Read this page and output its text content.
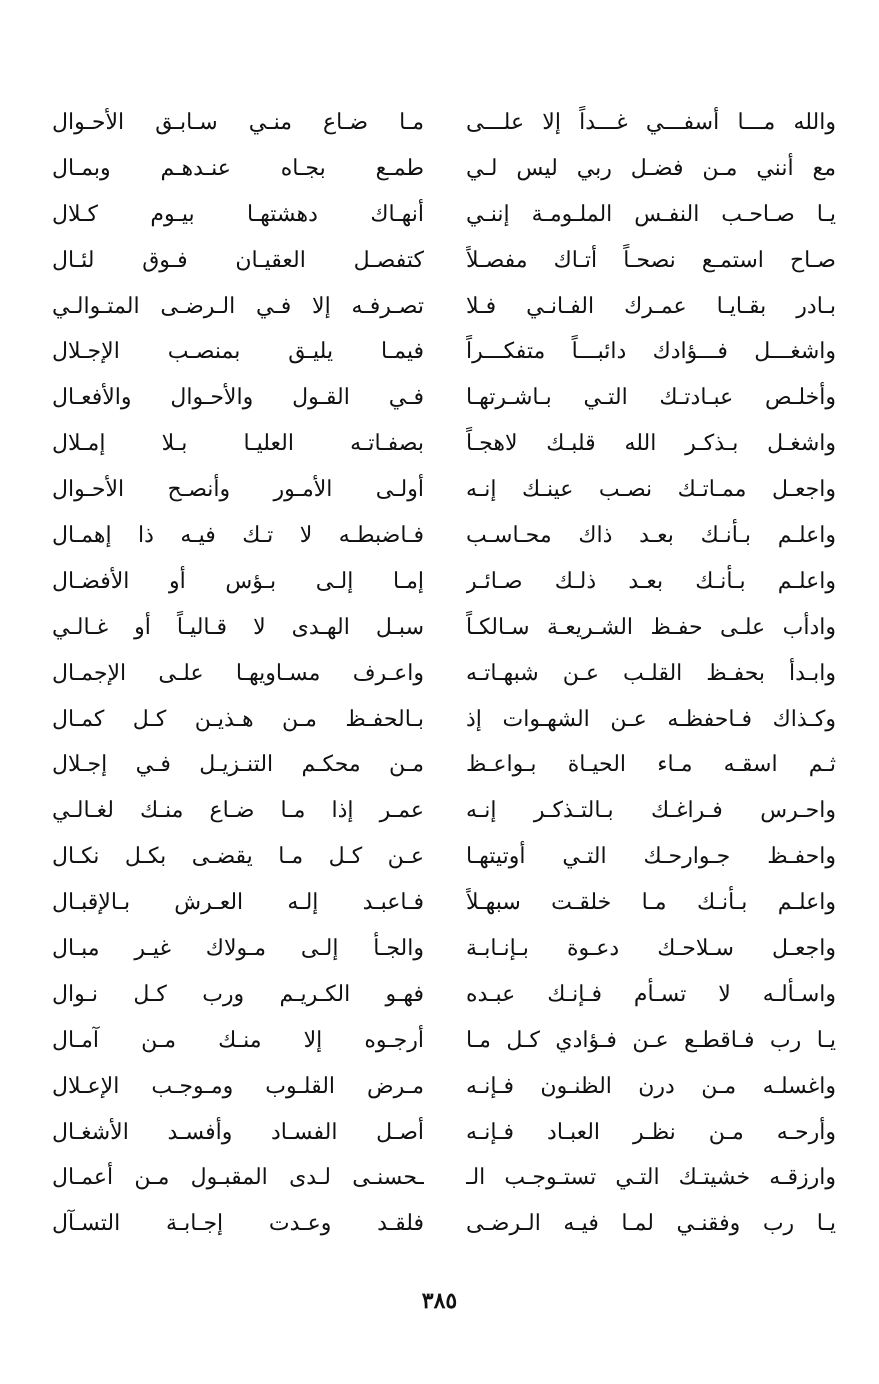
والله مـــا أسفـــي غـــداً إلا علـــى
مع أنني مـن فضـل ربي ليس لـي
يـا صـاحـب النفـس الملـومـة إننـي
صـاح استمـع نصحـاً أتـاك مفصـلاً
بـادر بقـايـا عمـرك الفـانـي فـلا
واشغـــل فـــؤادك دائبـــاً متفكـــراً
وأخلـص عبـادتـك التـي بـاشـرتهـا
واشغـل بـذكـر الله قلبـك لاهجـاً
واجعـل ممـاتـك نصـب عينـك إنـه
واعلـم بـأنـك بعـد ذاك محـاسـب
واعلـم بـأنـك بعـد ذلـك صـائـر
وادأب علـى حفـظ الشـريعـة سـالكـاً
وابـدأ بحفـظ القلـب عـن شبهـاتـه
وكـذاك فـاحفظـه عـن الشهـوات إذ
ثـم اسقـه مـاء الحيـاة بـواعـظ
واحـرس فـراغـك بـالتـذكـر إنـه
واحفـظ جـوارحـك التـي أوتيتهـا
واعلـم بـأنـك مـا خلقـت سبهـلاً
واجعـل سـلاحـك دعـوة بـإنـابـة
واسـألـه لا تسـأم فـإنـك عبـده
يـا رب فـاقطـع عـن فـؤادي كـل مـا
واغسلـه مـن درن الظنـون فـإنـه
وأرحـه مـن نظـر العبـاد فـإنـه
وارزقـه خشيتـك التـي تستـوجـب الـ
يـا رب وفقنـي لمـا فيـه الـرضـى
مـا ضـاع منـي سـابـق الأحـوال
طمـع بجـاه عنـدهـم وبمـال
أنهـاك دهشتهـا بيـوم كـلال
كتفصـل العقيـان فـوق لئـال
تصـرفـه إلا فـي الـرضـى المتـوالـي
فيمـا يليـق بمنصـب الإجـلال
فـي القـول والأحـوال والأفعـال
بصفـاتـه العليـا بـلا إمـلال
أولـى الأمـور وأنصـح الأحـوال
فـاضبطـه لا تـك فيـه ذا إهمـال
إمـا إلـى بـؤس أو الأفضـال
سبـل الهـدى لا قـاليـاً أو غـالـي
واعـرف مسـاويهـا علـى الإجمـال
بـالحفـظ مـن هـذيـن كـل كمـال
مـن محكـم التنـزيـل فـي إجـلال
عمـر إذا مـا ضـاع منـك لغـالـي
عـن كـل مـا يقضـى بكـل نكـال
فـاعبـد إلـه العـرش بـالإقبـال
والجـأ إلـى مـولاك غيـر مبـال
فهـو الكـريـم ورب كـل نـوال
أرجـوه إلا منـك مـن آمـال
مـرض القلـوب ومـوجـب الإعـلال
أصـل الفسـاد وأفسـد الأشغـال
ـحسنـى لـدى المقبـول مـن أعمـال
فلقـد وعـدت إجـابـة التسـآل
٣٨٥
